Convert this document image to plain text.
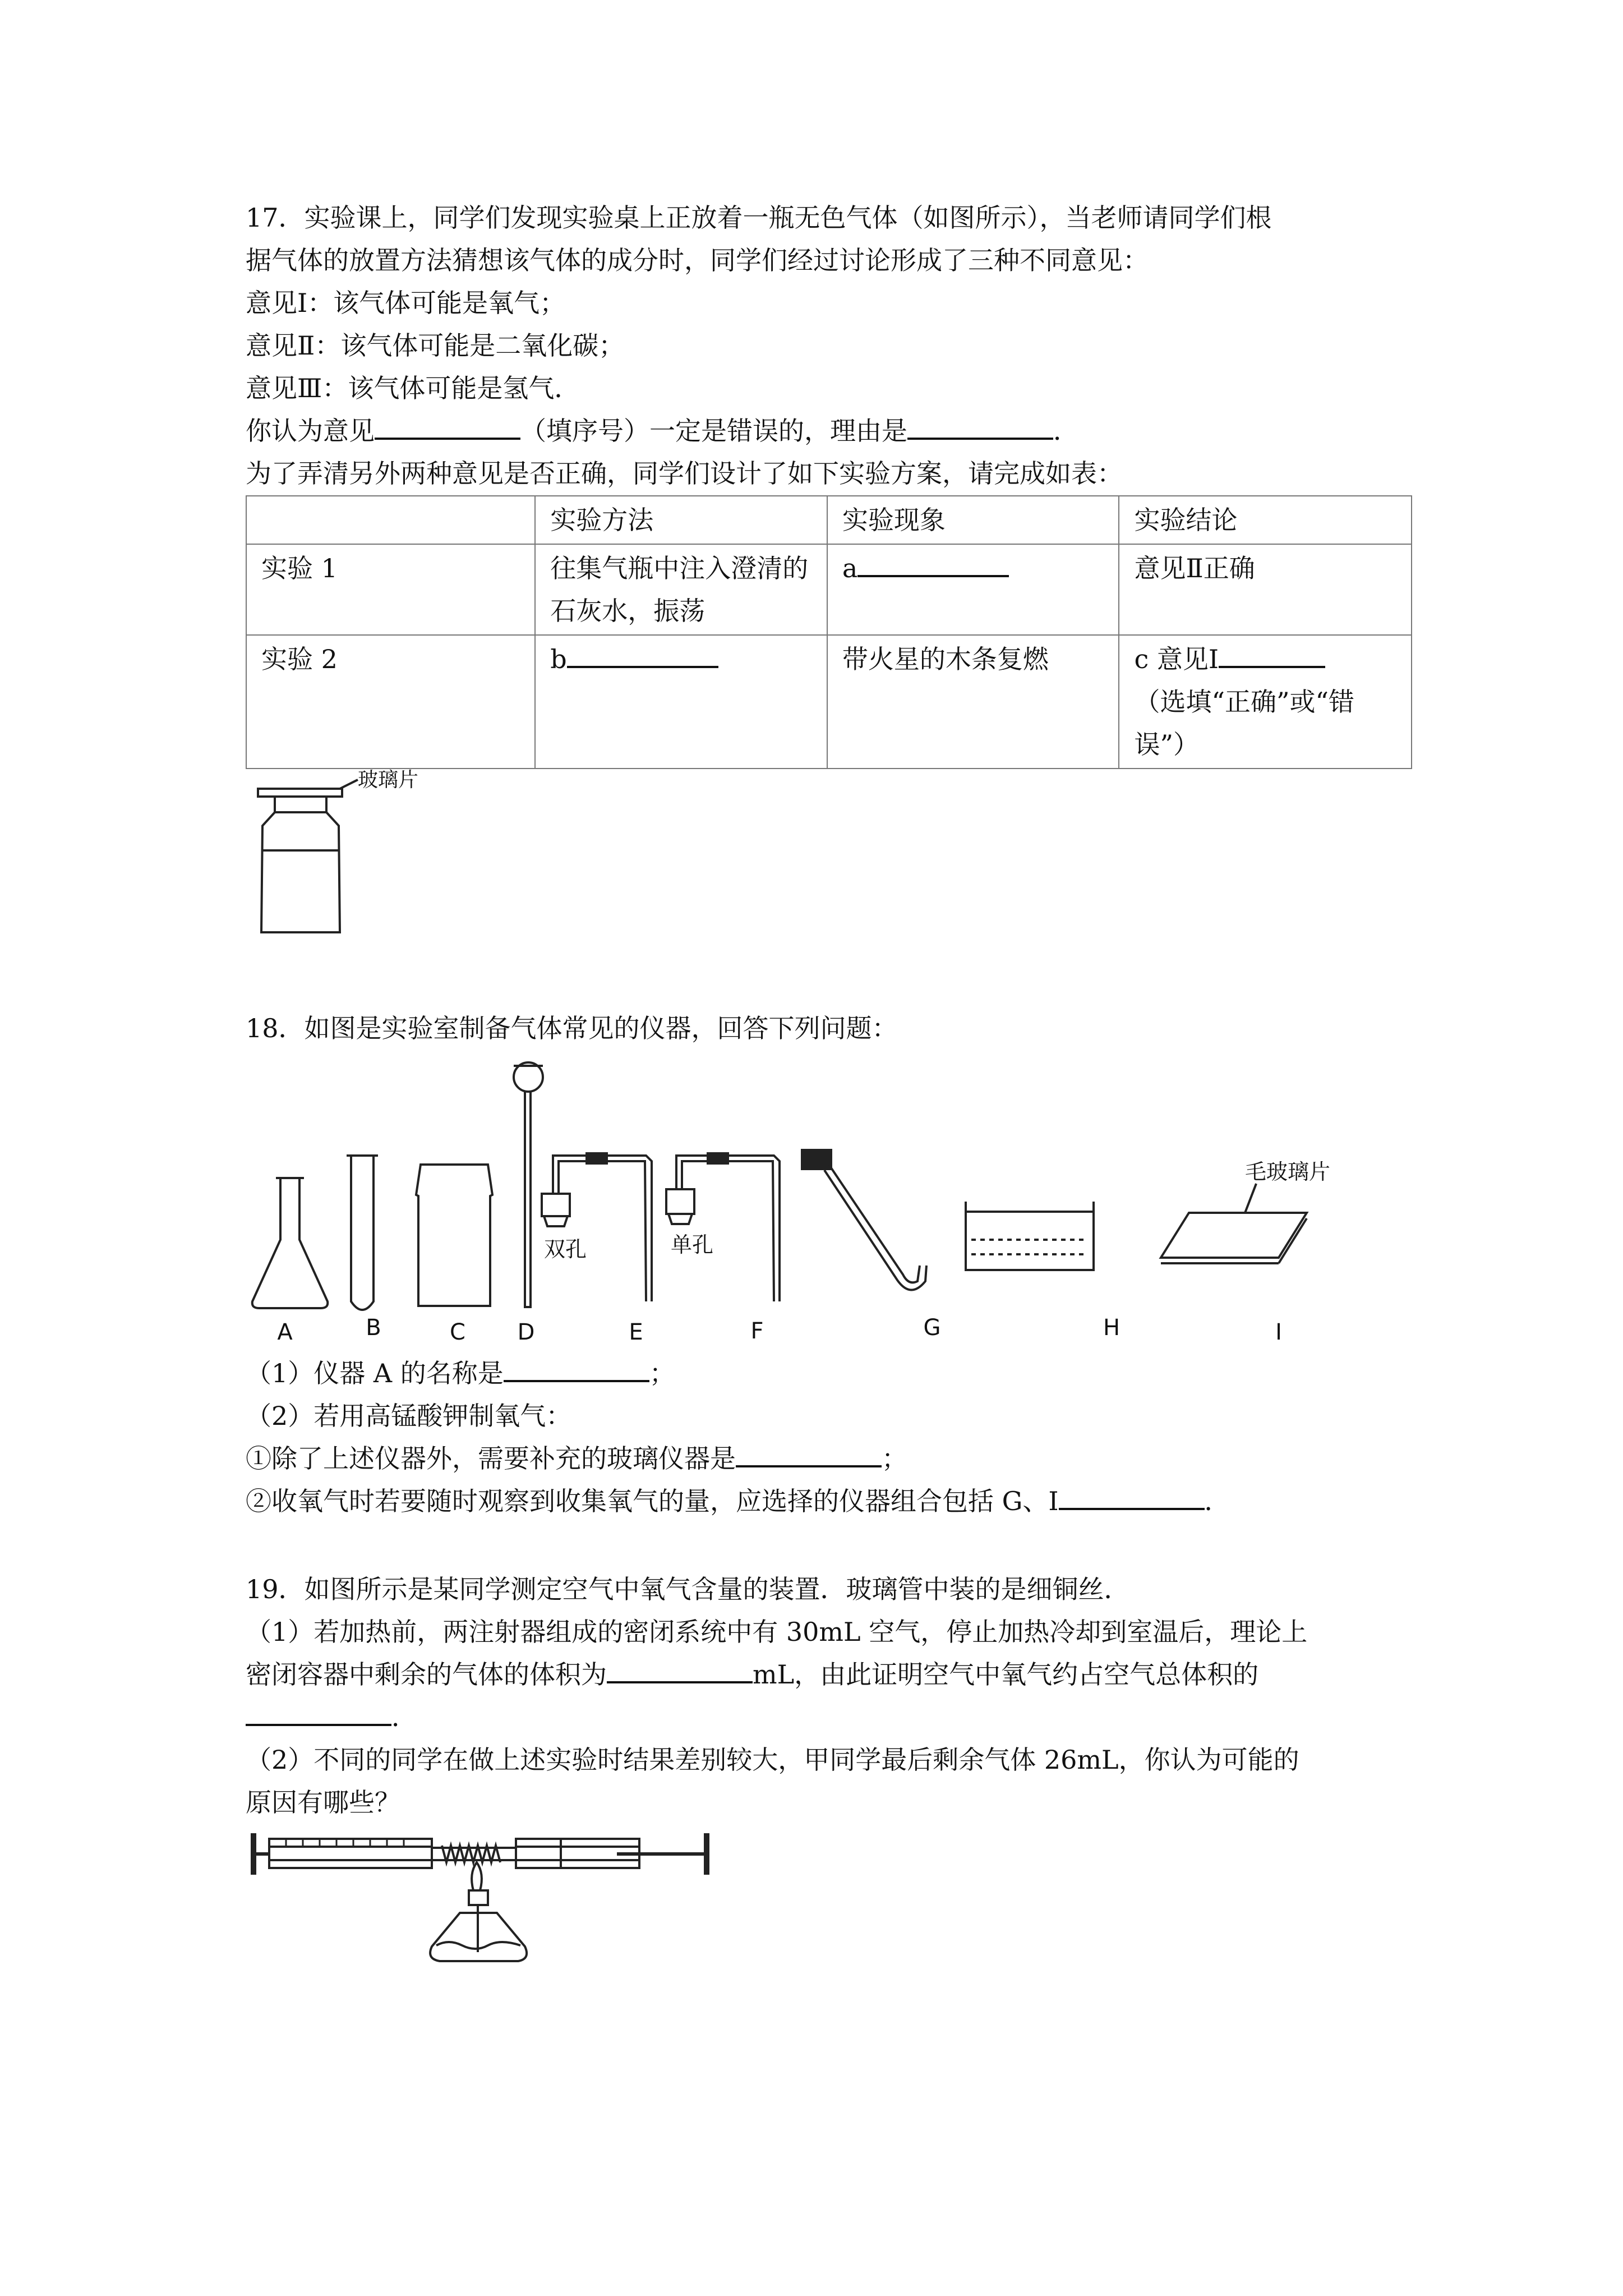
17．实验课上，同学们发现实验桌上正放着一瓶无色气体（如图所示），当老师请同学们根
据气体的放置方法猜想该气体的成分时，同学们经过讨论形成了三种不同意见：
意见Ⅰ：该气体可能是氧气；
意见Ⅱ：该气体可能是二氧化碳；
意见Ⅲ：该气体可能是氢气．
你认为意见	（填序号）一定是错误的，理由是	．
为了弄清另外两种意见是否正确，同学们设计了如下实验方案，请完成如表：
	实验方法	实验现象	实验结论
实验 1	往集气瓶中注入澄清的石灰水，振荡	a	意见Ⅱ正确
实验 2	b	带火星的木条复燃	c 意见Ⅰ
（选填“正确”或“错误”）
玻璃片
18．如图是实验室制备气体常见的仪器，回答下列问题：
双孔	单孔
毛玻璃片
A	B	C D	E	F	G	H	I
（1）仪器 A 的名称是	；
（2）若用高锰酸钾制氧气：
①除了上述仪器外，需要补充的玻璃仪器是	；
②收氧气时若要随时观察到收集氧气的量，应选择的仪器组合包括 G、I	．
19．如图所示是某同学测定空气中氧气含量的装置．玻璃管中装的是细铜丝．
（1）若加热前，两注射器组成的密闭系统中有 30mL 空气，停止加热冷却到室温后，理论上
密闭容器中剩余的气体的体积为	mL，由此证明空气中氧气约占空气总体积的
．
（2）不同的同学在做上述实验时结果差别较大，甲同学最后剩余气体 26mL，你认为可能的
原因有哪些？
